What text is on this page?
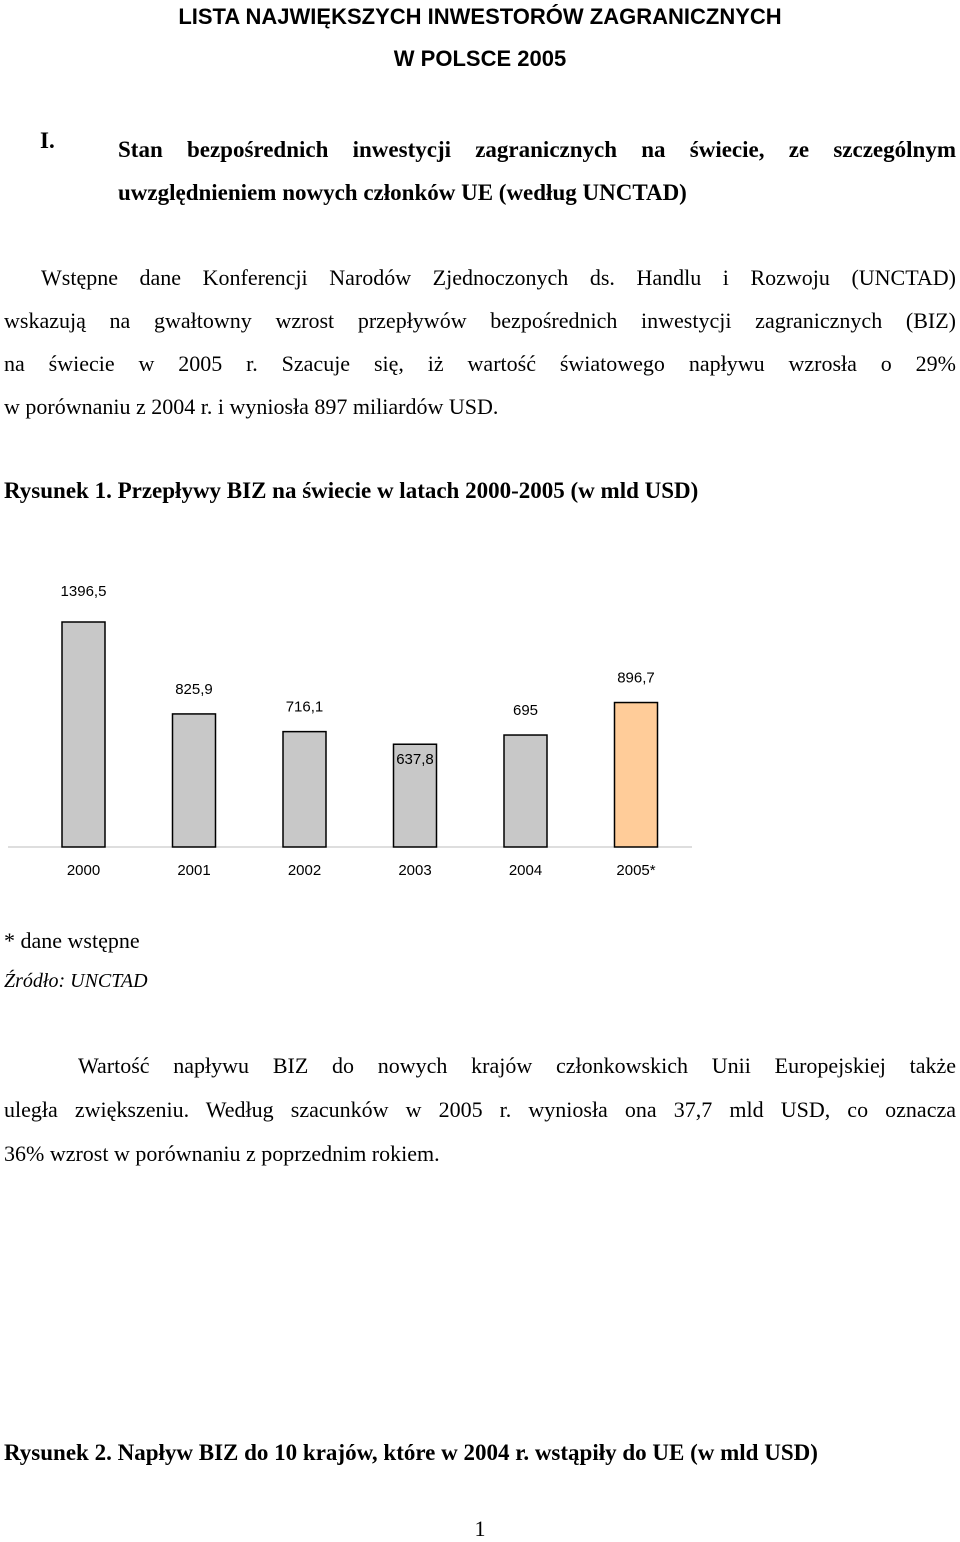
LISTA NAJWIĘKSZYCH INWESTORÓW ZAGRANICZNYCH
W POLSCE 2005
I.	Stan bezpośrednich inwestycji zagranicznych na świecie, ze szczególnym uwzględnieniem nowych członków UE (według UNCTAD)
Wstępne dane Konferencji Narodów Zjednoczonych ds. Handlu i Rozwoju (UNCTAD)
wskazują na gwałtowny wzrost przepływów bezpośrednich inwestycji zagranicznych (BIZ)
na świecie w 2005 r. Szacuje się, iż wartość światowego napływu wzrosła o 29%
w porównaniu z 2004 r. i wyniosła 897 miliardów USD.
Rysunek 1. Przepływy BIZ na świecie w latach 2000-2005 (w mld USD)
1396,5
2000
825,9
2001
716,1
2002
637,8
2003
695
2004
896,7
2005*
* dane wstępne
Źródło: UNCTAD
Wartość napływu BIZ do nowych krajów członkowskich Unii Europejskiej także
uległa zwiększeniu. Według szacunków w 2005 r. wyniosła ona 37,7 mld USD, co oznacza
36% wzrost w porównaniu z poprzednim rokiem.
Rysunek 2. Napływ BIZ do 10 krajów, które w 2004 r. wstąpiły do UE (w mld USD)
1
